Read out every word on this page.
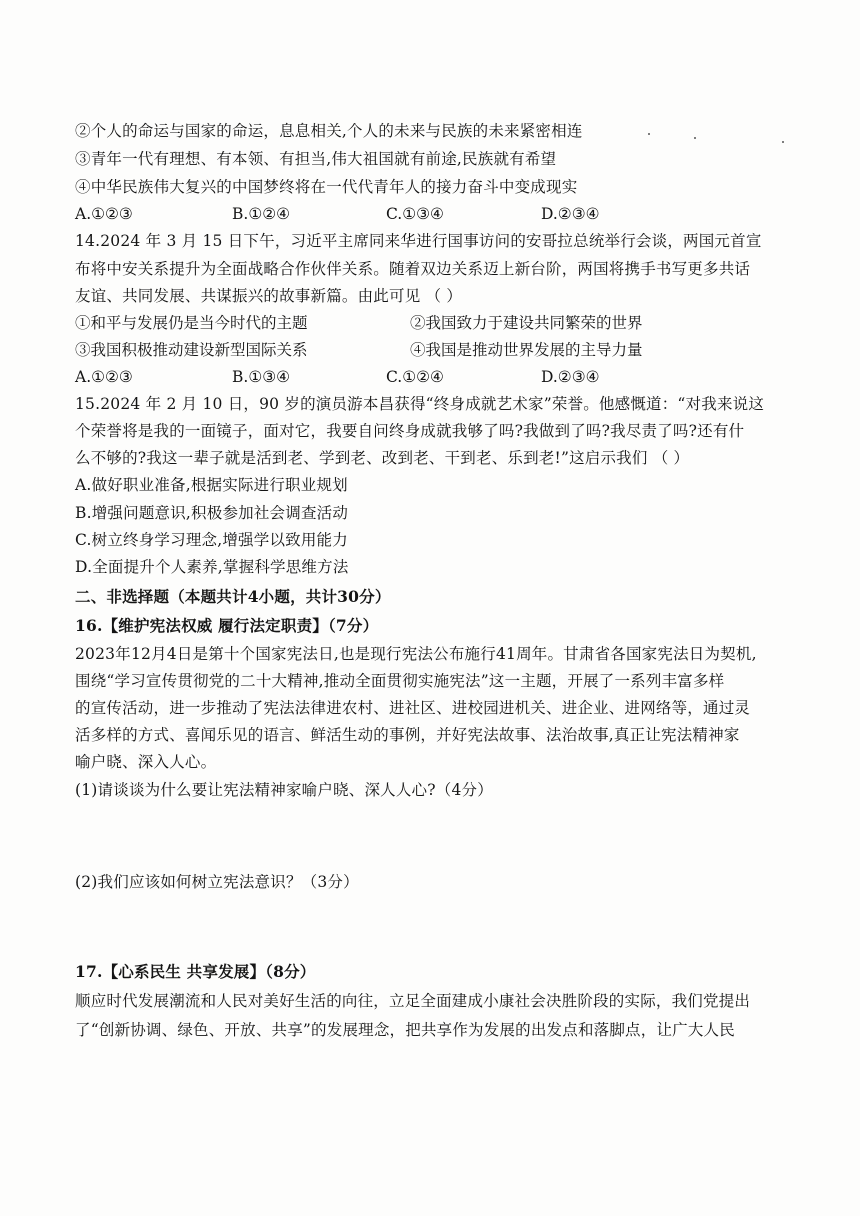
②个人的命运与国家的命运，息息相关,个人的未来与民族的未来紧密相连
③青年一代有理想、有本领、有担当,伟大祖国就有前途,民族就有希望
④中华民族伟大复兴的中国梦终将在一代代青年人的接力奋斗中变成现实
A.①②③	B.①②④	C.①③④	D.②③④
14.2024 年 3 月 15 日下午，习近平主席同来华进行国事访问的安哥拉总统举行会谈，两国元首宣
布将中安关系提升为全面战略合作伙伴关系。随着双边关系迈上新台阶，两国将携手书写更多共话
友谊、共同发展、共谋振兴的故事新篇。由此可见 （ ）
①和平与发展仍是当今时代的主题	②我国致力于建设共同繁荣的世界
③我国积极推动建设新型国际关系	④我国是推动世界发展的主导力量
A.①②③	B.①③④	C.①②④	D.②③④
15.2024 年 2 月 10 日，90 岁的演员游本昌获得“终身成就艺术家”荣誉。他感慨道：“对我来说这
个荣誉将是我的一面镜子，面对它，我要自问终身成就我够了吗?我做到了吗?我尽责了吗?还有什
么不够的?我这一辈子就是活到老、学到老、改到老、干到老、乐到老!”这启示我们 （ ）
A.做好职业准备,根据实际进行职业规划
B.增强问题意识,积极参加社会调查活动
C.树立终身学习理念,增强学以致用能力
D.全面提升个人素养,掌握科学思维方法
二、非选择题（本题共计4小题，共计30分）
16.【维护宪法权威 履行法定职责】（7分）
2023年12月4日是第十个国家宪法日,也是现行宪法公布施行41周年。甘肃省各国家宪法日为契机,
围绕“学习宣传贯彻党的二十大精神,推动全面贯彻实施宪法”这一主题，开展了一系列丰富多样
的宣传活动，进一步推动了宪法法律进农村、进社区、进校园进机关、进企业、进网络等，通过灵
活多样的方式、喜闻乐见的语言、鲜活生动的事例，并好宪法故事、法治故事,真正让宪法精神家
喻户晓、深入人心。
(1)请谈谈为什么要让宪法精神家喻户晓、深人人心?（4分）
(2)我们应该如何树立宪法意识？（3分）
17.【心系民生 共享发展】（8分）
顺应时代发展潮流和人民对美好生活的向往，立足全面建成小康社会决胜阶段的实际，我们党提出
了“创新协调、绿色、开放、共享”的发展理念，把共享作为发展的出发点和落脚点，让广大人民
